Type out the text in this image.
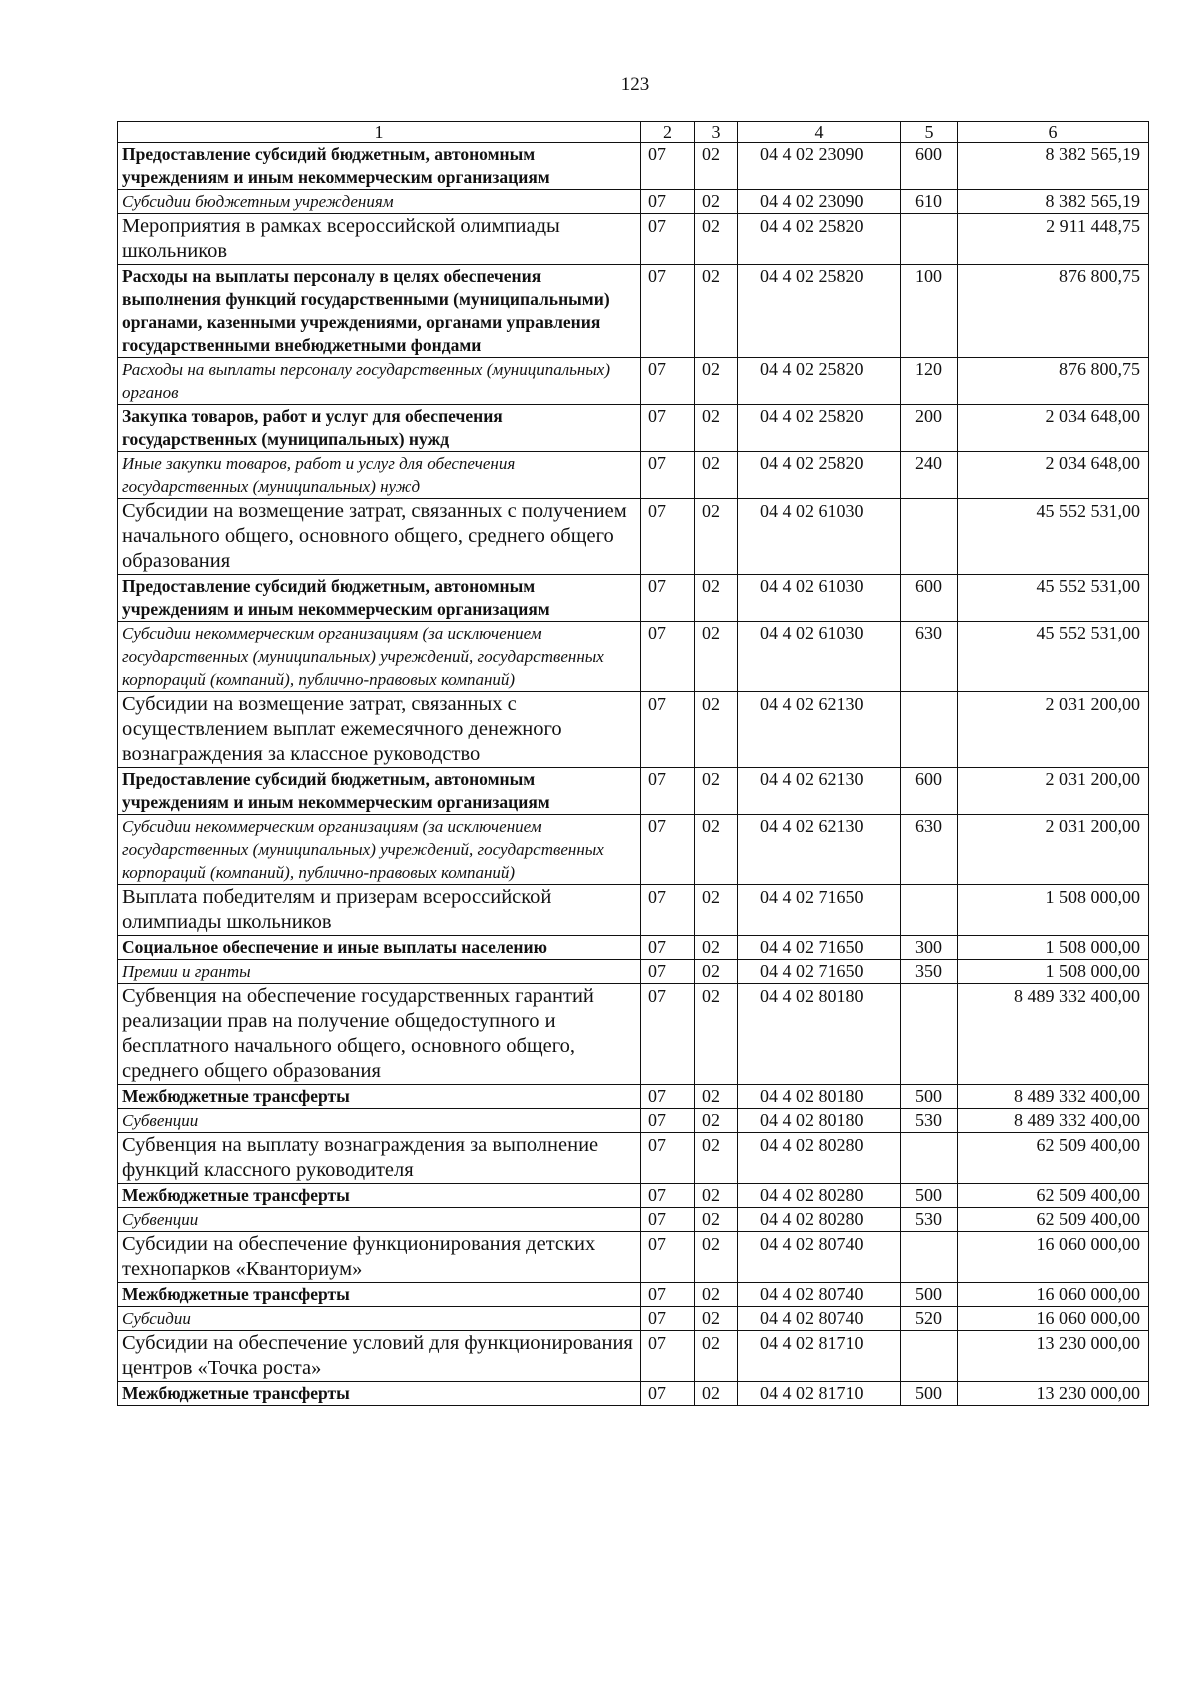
123
1	2	3	4	5	6
Предоставление субсидий бюджетным, автономным учреждениям и иным некоммерческим организациям	07	02	04 4 02 23090	600	8 382 565,19
Субсидии бюджетным учреждениям	07	02	04 4 02 23090	610	8 382 565,19
Мероприятия в рамках всероссийской олимпиады школьников	07	02	04 4 02 25820		2 911 448,75
Расходы на выплаты персоналу в целях обеспечения выполнения функций государственными (муниципальными) органами, казенными учреждениями, органами управления государственными внебюджетными фондами	07	02	04 4 02 25820	100	876 800,75
Расходы на выплаты персоналу государственных (муниципальных) органов	07	02	04 4 02 25820	120	876 800,75
Закупка товаров, работ и услуг для обеспечения государственных (муниципальных) нужд	07	02	04 4 02 25820	200	2 034 648,00
Иные закупки товаров, работ и услуг для обеспечения государственных (муниципальных) нужд	07	02	04 4 02 25820	240	2 034 648,00
Субсидии на возмещение затрат, связанных с получением начального общего, основного общего, среднего общего образования	07	02	04 4 02 61030		45 552 531,00
Предоставление субсидий бюджетным, автономным учреждениям и иным некоммерческим организациям	07	02	04 4 02 61030	600	45 552 531,00
Субсидии некоммерческим организациям (за исключением государственных (муниципальных) учреждений, государственных корпораций (компаний), публично-правовых компаний)	07	02	04 4 02 61030	630	45 552 531,00
Субсидии на возмещение затрат, связанных с осуществлением выплат ежемесячного денежного вознаграждения за классное руководство	07	02	04 4 02 62130		2 031 200,00
Предоставление субсидий бюджетным, автономным учреждениям и иным некоммерческим организациям	07	02	04 4 02 62130	600	2 031 200,00
Субсидии некоммерческим организациям (за исключением государственных (муниципальных) учреждений, государственных корпораций (компаний), публично-правовых компаний)	07	02	04 4 02 62130	630	2 031 200,00
Выплата победителям и призерам всероссийской олимпиады школьников	07	02	04 4 02 71650		1 508 000,00
Социальное обеспечение и иные выплаты населению	07	02	04 4 02 71650	300	1 508 000,00
Премии и гранты	07	02	04 4 02 71650	350	1 508 000,00
Субвенция на обеспечение государственных гарантий реализации прав на получение общедоступного и бесплатного начального общего, основного общего, среднего общего образования	07	02	04 4 02 80180		8 489 332 400,00
Межбюджетные трансферты	07	02	04 4 02 80180	500	8 489 332 400,00
Субвенции	07	02	04 4 02 80180	530	8 489 332 400,00
Субвенция на выплату вознаграждения за выполнение функций классного руководителя	07	02	04 4 02 80280		62 509 400,00
Межбюджетные трансферты	07	02	04 4 02 80280	500	62 509 400,00
Субвенции	07	02	04 4 02 80280	530	62 509 400,00
Субсидии на обеспечение функционирования детских технопарков «Кванториум»	07	02	04 4 02 80740		16 060 000,00
Межбюджетные трансферты	07	02	04 4 02 80740	500	16 060 000,00
Субсидии	07	02	04 4 02 80740	520	16 060 000,00
Субсидии на обеспечение условий для функционирования центров «Точка роста»	07	02	04 4 02 81710		13 230 000,00
Межбюджетные трансферты	07	02	04 4 02 81710	500	13 230 000,00
